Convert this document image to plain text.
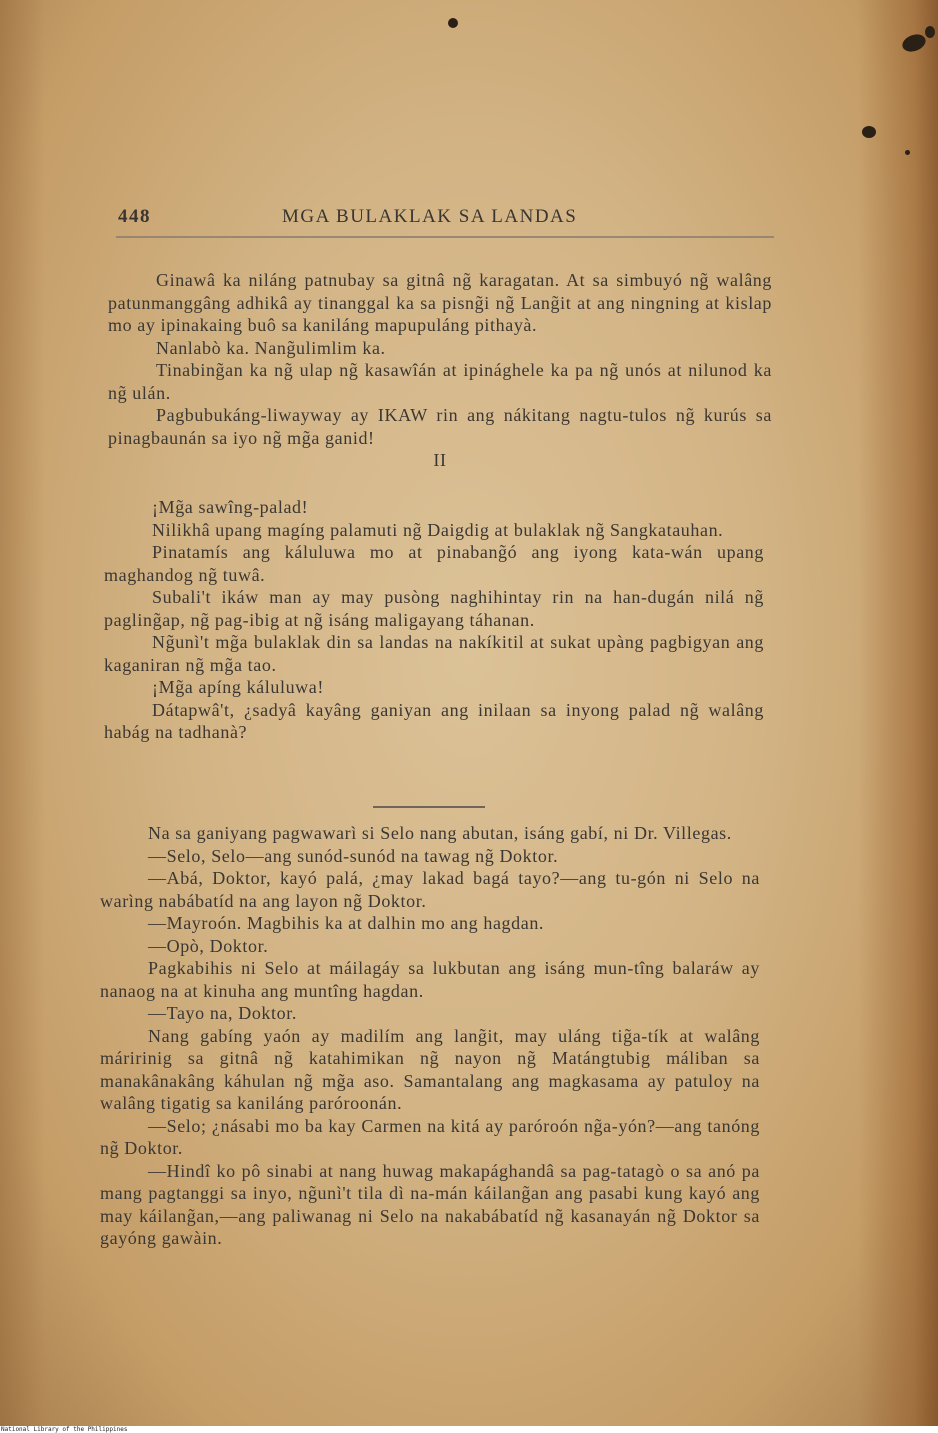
448	MGA BULAKLAK SA LANDAS

Ginawâ ka niláng patnubay sa gitnâ ng̃ karagatan. At sa simbuyó ng̃ walâng patunmanggâng adhikâ ay tinanggal ka sa pisng̃i ng̃ Lang̃it at ang ningning at kislap mo ay ipinakaing buô sa kaniláng mapupuláng pithayà.

Nanlabò ka. Nang̃ulimlim ka.

Tinabing̃an ka ng̃ ulap ng̃ kasawîán at ipinághele ka pa ng̃ unós at nilunod ka ng̃ ulán.

Pagbubukáng-liwayway ay IKAW rin ang nákitang nagtu-tulos ng̃ kurús sa pinagbaunán sa iyo ng̃ mg̃a ganid!

II

¡Mg̃a sawîng-palad!

Nilikhâ upang magíng palamuti ng̃ Daigdig at bulaklak ng̃ Sangkatauhan.

Pinatamís ang káluluwa mo at pinabang̃ó ang iyong kata-wán upang maghandog ng̃ tuwâ.

Subali't ikáw man ay may pusòng naghihintay rin na han-dugán nilá ng̃ pagling̃ap, ng̃ pag-ibig at ng̃ isáng maligayang táhanan.

Ng̃unì't mg̃a bulaklak din sa landas na nakíkitil at sukat upàng pagbigyan ang kaganiran ng̃ mg̃a tao.

¡Mg̃a apíng káluluwa!

Dátapwâ't, ¿sadyâ kayâng ganiyan ang inilaan sa inyong palad ng̃ walâng habág na tadhanà?

Na sa ganiyang pagwawarì si Selo nang abutan, isáng gabí, ni Dr. Villegas.

—Selo, Selo—ang sunód-sunód na tawag ng̃ Doktor.

—Abá, Doktor, kayó palá, ¿may lakad bagá tayo?—ang tu-gón ni Selo na warìng nabábatíd na ang layon ng̃ Doktor.

—Mayroón. Magbihis ka at dalhin mo ang hagdan.

—Opò, Doktor.

Pagkabihis ni Selo at máilagáy sa lukbutan ang isáng mun-tîng balaráw ay nanaog na at kinuha ang muntîng hagdan.

—Tayo na, Doktor.

Nang gabíng yaón ay madilím ang lang̃it, may uláng tig̃a-tík at walâng máririnig sa gitnâ ng̃ katahimikan ng̃ nayon ng̃ Matángtubig máliban sa manakânakâng káhulan ng̃ mg̃a aso. Samantalang ang magkasama ay patuloy na walâng tigatig sa kaniláng paróroonán.

—Selo; ¿násabi mo ba kay Carmen na kitá ay paróroón ng̃a-yón?—ang tanóng ng̃ Doktor.

—Hindî ko pô sinabi at nang huwag makapághandâ sa pag-tatagò o sa anó pa mang pagtanggi sa inyo, ng̃unì't tila dì na-mán káilang̃an ang pasabi kung kayó ang may káilang̃an,—ang paliwanag ni Selo na nakabábatíd ng̃ kasanayán ng̃ Doktor sa gayóng gawàin.

National Library of the Philippines
